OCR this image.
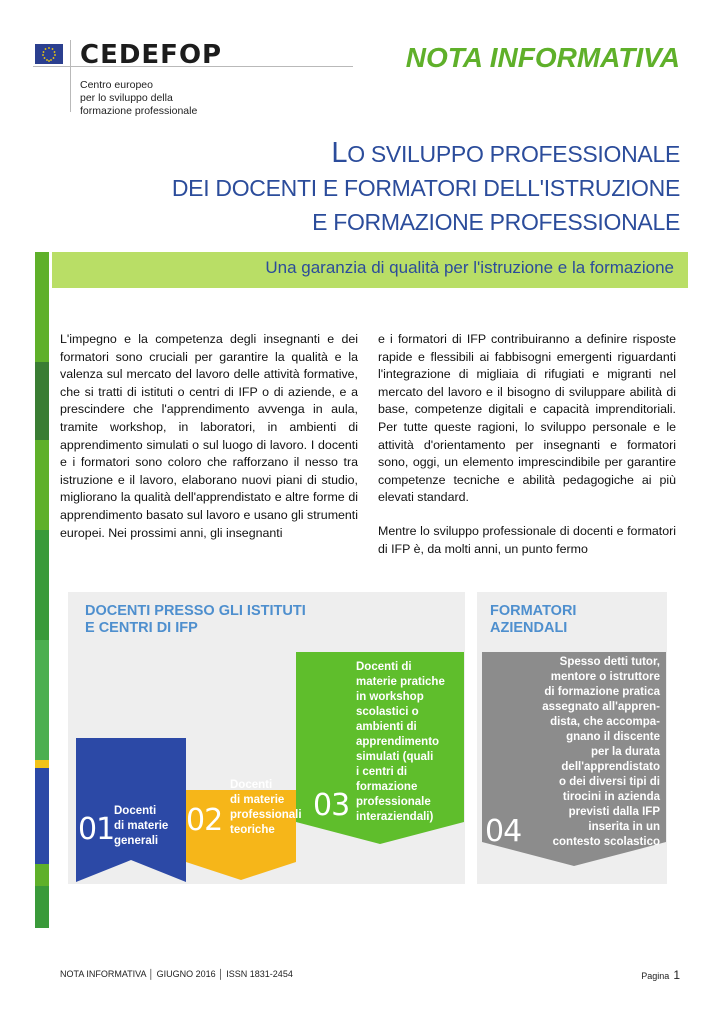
CEDEFOP
Centro europeo
per lo sviluppo della
formazione professionale
NOTA INFORMATIVA
LO SVILUPPO PROFESSIONALE
DEI DOCENTI E FORMATORI DELL'ISTRUZIONE
E FORMAZIONE PROFESSIONALE
Una garanzia di qualità per l'istruzione e la formazione

L'impegno e la competenza degli insegnanti e dei formatori sono cruciali per garantire la qualità e la valenza sul mercato del lavoro delle attività formative, che si tratti di istituti o centri di IFP o di aziende, e a prescindere che l'apprendimento avvenga in aula, tramite workshop, in laboratori, in ambienti di apprendimento simulati o sul luogo di lavoro. I docenti e i formatori sono coloro che rafforzano il nesso tra istruzione e il lavoro, elaborano nuovi piani di studio, migliorano la qualità dell'apprendistato e altre forme di apprendimento basato sul lavoro e usano gli strumenti europei. Nei prossimi anni, gli insegnanti

e i formatori di IFP contribuiranno a definire risposte rapide e flessibili ai fabbisogni emergenti riguardanti l'integrazione di migliaia di rifugiati e migranti nel mercato del lavoro e il bisogno di sviluppare abilità di base, competenze digitali e capacità imprenditoriali. Per tutte queste ragioni, lo sviluppo personale e le attività d'orientamento per insegnanti e formatori sono, oggi, un elemento imprescindibile per garantire competenze tecniche e abilità pedagogiche ai più elevati standard.

Mentre lo sviluppo professionale di docenti e formatori di IFP è, da molti anni, un punto fermo

DOCENTI PRESSO GLI ISTITUTI
E CENTRI DI IFP
FORMATORI
AZIENDALI
01
Docenti
di materie
generali
02
Docenti
di materie
professionali
teoriche
03
Docenti di
materie pratiche
in workshop
scolastici o
ambienti di
apprendimento
simulati (quali
i centri di
formazione
professionale
interaziendali)	04
Spesso detti tutor,
mentore o istruttore
di formazione pratica
assegnato all'appren-
dista, che accompa-
gnano il discente
per la durata
dell'apprendistato
o dei diversi tipi di
tirocini in azienda
previsti dalla IFP
inserita in un
contesto scolastico
NOTA INFORMATIVA │ GIUGNO 2016 │ ISSN 1831-2454	Pagina 1
